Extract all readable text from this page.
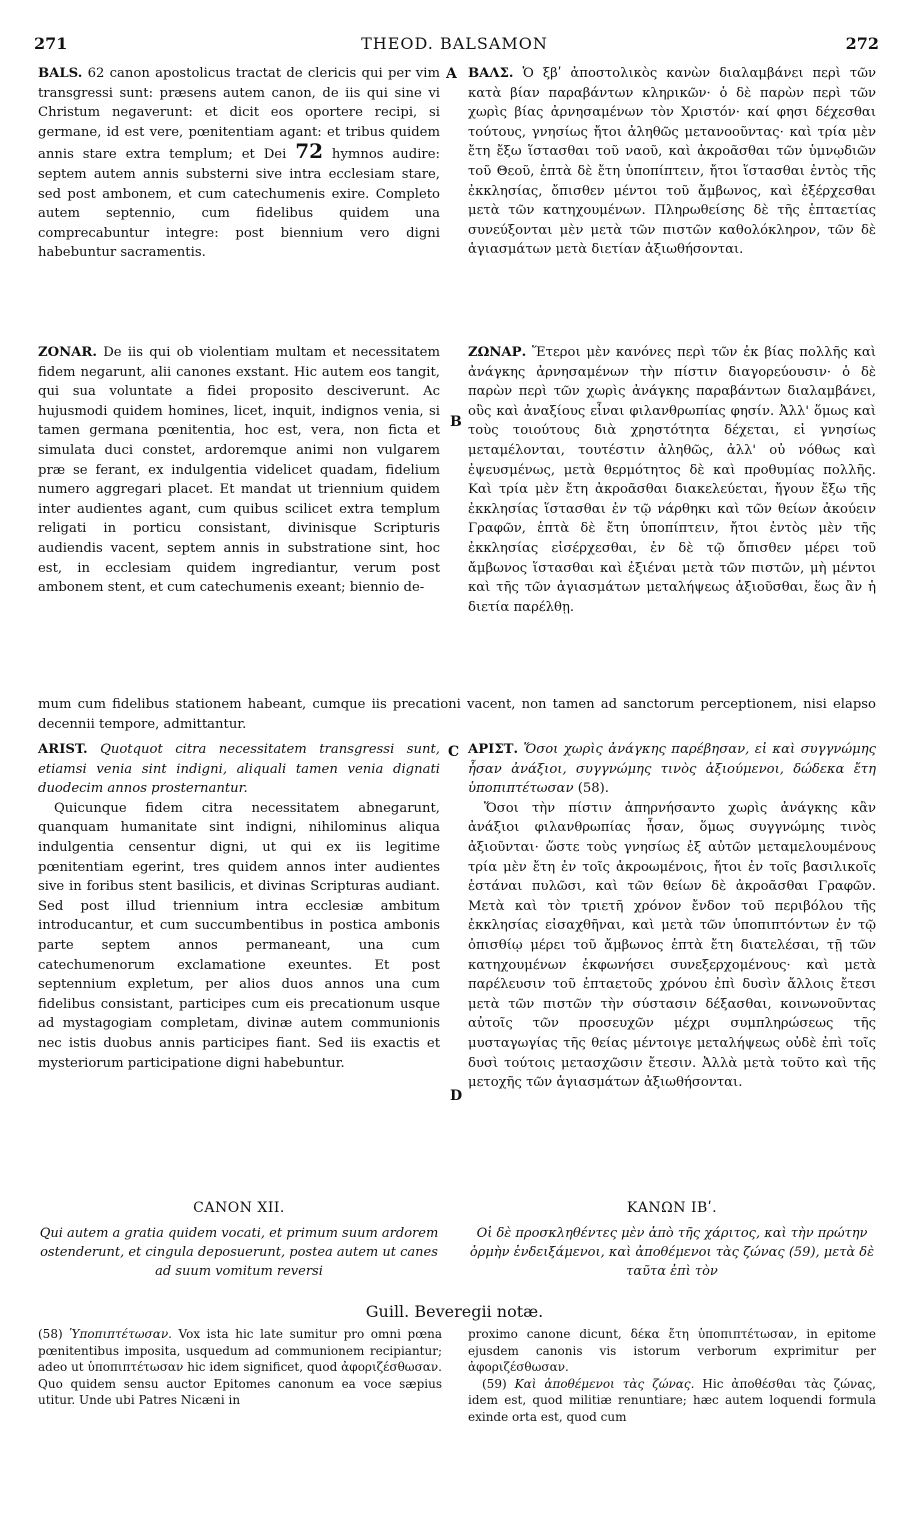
271	THEOD. BALSAMON	272
A
B
C
D
BALS. 62 canon apostolicus tractat de clericis qui per vim transgressi sunt: præsens autem canon, de iis qui sine vi Christum negaverunt: et dicit eos oportere recipi, si germane, id est vere, pœnitentiam agant: et tribus quidem annis stare extra templum; et Dei 72 hymnos audire: septem autem annis substerni sive intra ecclesiam stare, sed post ambonem, et cum catechumenis exire. Completo autem septennio, cum fidelibus quidem una comprecabuntur integre: post biennium vero digni habebuntur sacramentis.
ZONAR. De iis qui ob violentiam multam et necessitatem fidem negarunt, alii canones exstant. Hic autem eos tangit, qui sua voluntate a fidei proposito desciverunt. Ac hujusmodi quidem homines, licet, inquit, indignos venia, si tamen germana pœnitentia, hoc est, vera, non ficta et simulata duci constet, ardoremque animi non vulgarem præ se ferant, ex indulgentia videlicet quadam, fidelium numero aggregari placet. Et mandat ut triennium quidem inter audientes agant, cum quibus scilicet extra templum religati in porticu consistant, divinisque Scripturis audiendis vacent, septem annis in substratione sint, hoc est, in ecclesiam quidem ingrediantur, verum post ambonem stent, et cum catechumenis exeant; biennio de-
mum cum fidelibus stationem habeant, cumque iis precationi vacent, non tamen ad sanctorum perceptionem, nisi elapso decennii tempore, admittantur.
ARIST. Quotquot citra necessitatem transgressi sunt, etiamsi venia sint indigni, aliquali tamen venia dignati duodecim annos prosternantur.
Quicunque fidem citra necessitatem abnegarunt, quanquam humanitate sint indigni, nihilominus aliqua indulgentia censentur digni, ut qui ex iis legitime pœnitentiam egerint, tres quidem annos inter audientes sive in foribus stent basilicis, et divinas Scripturas audiant. Sed post illud triennium intra ecclesiæ ambitum introducantur, et cum succumbentibus in postica ambonis parte septem annos permaneant, una cum catechumenorum exclamatione exeuntes. Et post septennium expletum, per alios duos annos una cum fidelibus consistant, participes cum eis precationum usque ad mystagogiam completam, divinæ autem communionis nec istis duobus annis participes fiant. Sed iis exactis et mysteriorum participatione digni habebuntur.
CANON XII.
Qui autem a gratia quidem vocati, et primum suum ardorem ostenderunt, et cingula deposuerunt, postea autem ut canes ad suum vomitum reversi
ΒΑΛΣ. Ὁ ξβʹ ἀποστολικὸς κανὼν διαλαμβάνει περὶ τῶν κατὰ βίαν παραβάντων κληρικῶν· ὁ δὲ παρὼν περὶ τῶν χωρὶς βίας ἀρνησαμένων τὸν Χριστόν· καί φησι δέχεσθαι τούτους, γνησίως ἤτοι ἀληθῶς μετανοοῦντας· καὶ τρία μὲν ἔτη ἔξω ἵστασθαι τοῦ ναοῦ, καὶ ἀκροᾶσθαι τῶν ὑμνῳδιῶν τοῦ Θεοῦ, ἑπτὰ δὲ ἔτη ὑποπίπτειν, ἤτοι ἵστασθαι ἐντὸς τῆς ἐκκλησίας, ὄπισθεν μέντοι τοῦ ἄμβωνος, καὶ ἐξέρχεσθαι μετὰ τῶν κατηχουμένων. Πληρωθείσης δὲ τῆς ἑπταετίας συνεύξονται μὲν μετὰ τῶν πιστῶν καθολόκληρον, τῶν δὲ ἁγιασμάτων μετὰ διετίαν ἀξιωθήσονται.
ΖΩΝΑΡ. Ἕτεροι μὲν κανόνες περὶ τῶν ἐκ βίας πολλῆς καὶ ἀνάγκης ἀρνησαμένων τὴν πίστιν διαγορεύουσιν· ὁ δὲ παρὼν περὶ τῶν χωρὶς ἀνάγκης παραβάντων διαλαμβάνει, οὓς καὶ ἀναξίους εἶναι φιλανθρωπίας φησίν. Ἀλλ' ὅμως καὶ τοὺς τοιούτους διὰ χρηστότητα δέχεται, εἰ γνησίως μεταμέλονται, τουτέστιν ἀληθῶς, ἀλλ' οὐ νόθως καὶ ἐψευσμένως, μετὰ θερμότητος δὲ καὶ προθυμίας πολλῆς. Καὶ τρία μὲν ἔτη ἀκροᾶσθαι διακελεύεται, ἤγουν ἔξω τῆς ἐκκλησίας ἵστασθαι ἐν τῷ νάρθηκι καὶ τῶν θείων ἀκούειν Γραφῶν, ἑπτὰ δὲ ἔτη ὑποπίπτειν, ἤτοι ἐντὸς μὲν τῆς ἐκκλησίας εἰσέρχεσθαι, ἐν δὲ τῷ ὄπισθεν μέρει τοῦ ἄμβωνος ἵστασθαι καὶ ἐξιέναι μετὰ τῶν πιστῶν, μὴ μέντοι καὶ τῆς τῶν ἁγιασμάτων μεταλήψεως ἀξιοῦσθαι, ἕως ἂν ἡ διετία παρέλθῃ.
ΑΡΙΣΤ. Ὅσοι χωρὶς ἀνάγκης παρέβησαν, εἰ καὶ συγγνώμης ἦσαν ἀνάξιοι, συγγνώμης τινὸς ἀξιούμενοι, δώδεκα ἔτη ὑποπιπτέτωσαν (58).
Ὅσοι τὴν πίστιν ἀπηρνήσαντο χωρὶς ἀνάγκης κἂν ἀνάξιοι φιλανθρωπίας ἦσαν, ὅμως συγγνώμης τινὸς ἀξιοῦνται· ὥστε τοὺς γνησίως ἐξ αὐτῶν μεταμελουμένους τρία μὲν ἔτη ἐν τοῖς ἀκροωμένοις, ἤτοι ἐν τοῖς βασιλικοῖς ἑστάναι πυλῶσι, καὶ τῶν θείων δὲ ἀκροᾶσθαι Γραφῶν. Μετὰ καὶ τὸν τριετῆ χρόνον ἔνδον τοῦ περιβόλου τῆς ἐκκλησίας εἰσαχθῆναι, καὶ μετὰ τῶν ὑποπιπτόντων ἐν τῷ ὀπισθίῳ μέρει τοῦ ἄμβωνος ἑπτὰ ἔτη διατελέσαι, τῇ τῶν κατηχουμένων ἐκφωνήσει συνεξερχομένους· καὶ μετὰ παρέλευσιν τοῦ ἑπταετοῦς χρόνου ἐπὶ δυσὶν ἄλλοις ἔτεσι μετὰ τῶν πιστῶν τὴν σύστασιν δέξασθαι, κοινωνοῦντας αὐτοῖς τῶν προσευχῶν μέχρι συμπληρώσεως τῆς μυσταγωγίας τῆς θείας μέντοιγε μεταλήψεως οὐδὲ ἐπὶ τοῖς δυσὶ τούτοις μετασχῶσιν ἔτεσιν. Ἀλλὰ μετὰ τοῦτο καὶ τῆς μετοχῆς τῶν ἁγιασμάτων ἀξιωθήσονται.
ΚΑΝΩΝ ΙΒʹ.
Οἱ δὲ προσκληθέντες μὲν ἀπὸ τῆς χάριτος, καὶ τὴν πρώτην ὁρμὴν ἐνδειξάμενοι, καὶ ἀποθέμενοι τὰς ζώνας (59), μετὰ δὲ ταῦτα ἐπὶ τὸν
Guill. Beveregii notæ.
(58) Ὑποπιπτέτωσαν. Vox ista hic late sumitur pro omni pœna pœnitentibus imposita, usquedum ad communionem recipiantur; adeo ut ὑποπιπτέτωσαν hic idem significet, quod ἀφοριζέσθωσαν. Quo quidem sensu auctor Epitomes canonum ea voce sæpius utitur. Unde ubi Patres Nicæni in
proximo canone dicunt, δέκα ἔτη ὑποπιπτέτωσαν, in epitome ejusdem canonis vis istorum verborum exprimitur per ἀφοριζέσθωσαν.
(59) Καὶ ἀποθέμενοι τὰς ζώνας. Hic ἀποθέσθαι τὰς ζώνας, idem est, quod militiæ renuntiare; hæc autem loquendi formula exinde orta est, quod cum
